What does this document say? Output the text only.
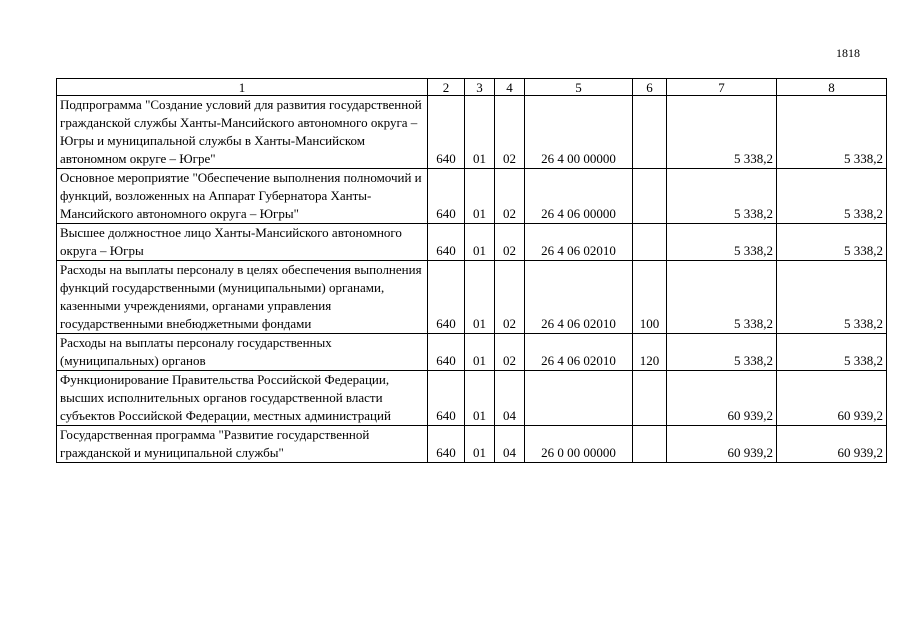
1818
1	2	3	4	5	6	7	8
Подпрограмма "Создание условий для развития государственной гражданской службы Ханты-Мансийского автономного округа – Югры и муниципальной службы в Ханты-Мансийском автономном округе – Югре"	640	01	02	26 4 00 00000		5 338,2	5 338,2
Основное мероприятие "Обеспечение выполнения полномочий и функций, возложенных на Аппарат Губернатора Ханты-Мансийского автономного округа – Югры"	640	01	02	26 4 06 00000		5 338,2	5 338,2
Высшее должностное лицо Ханты-Мансийского автономного округа – Югры	640	01	02	26 4 06 02010		5 338,2	5 338,2
Расходы на выплаты персоналу в целях обеспечения выполнения функций государственными (муниципальными) органами, казенными учреждениями, органами управления государственными внебюджетными фондами	640	01	02	26 4 06 02010	100	5 338,2	5 338,2
Расходы на выплаты персоналу государственных (муниципальных) органов	640	01	02	26 4 06 02010	120	5 338,2	5 338,2
Функционирование Правительства Российской Федерации, высших исполнительных органов государственной власти субъектов Российской Федерации, местных администраций	640	01	04			60 939,2	60 939,2
Государственная программа "Развитие государственной гражданской и муниципальной службы"	640	01	04	26 0 00 00000		60 939,2	60 939,2
